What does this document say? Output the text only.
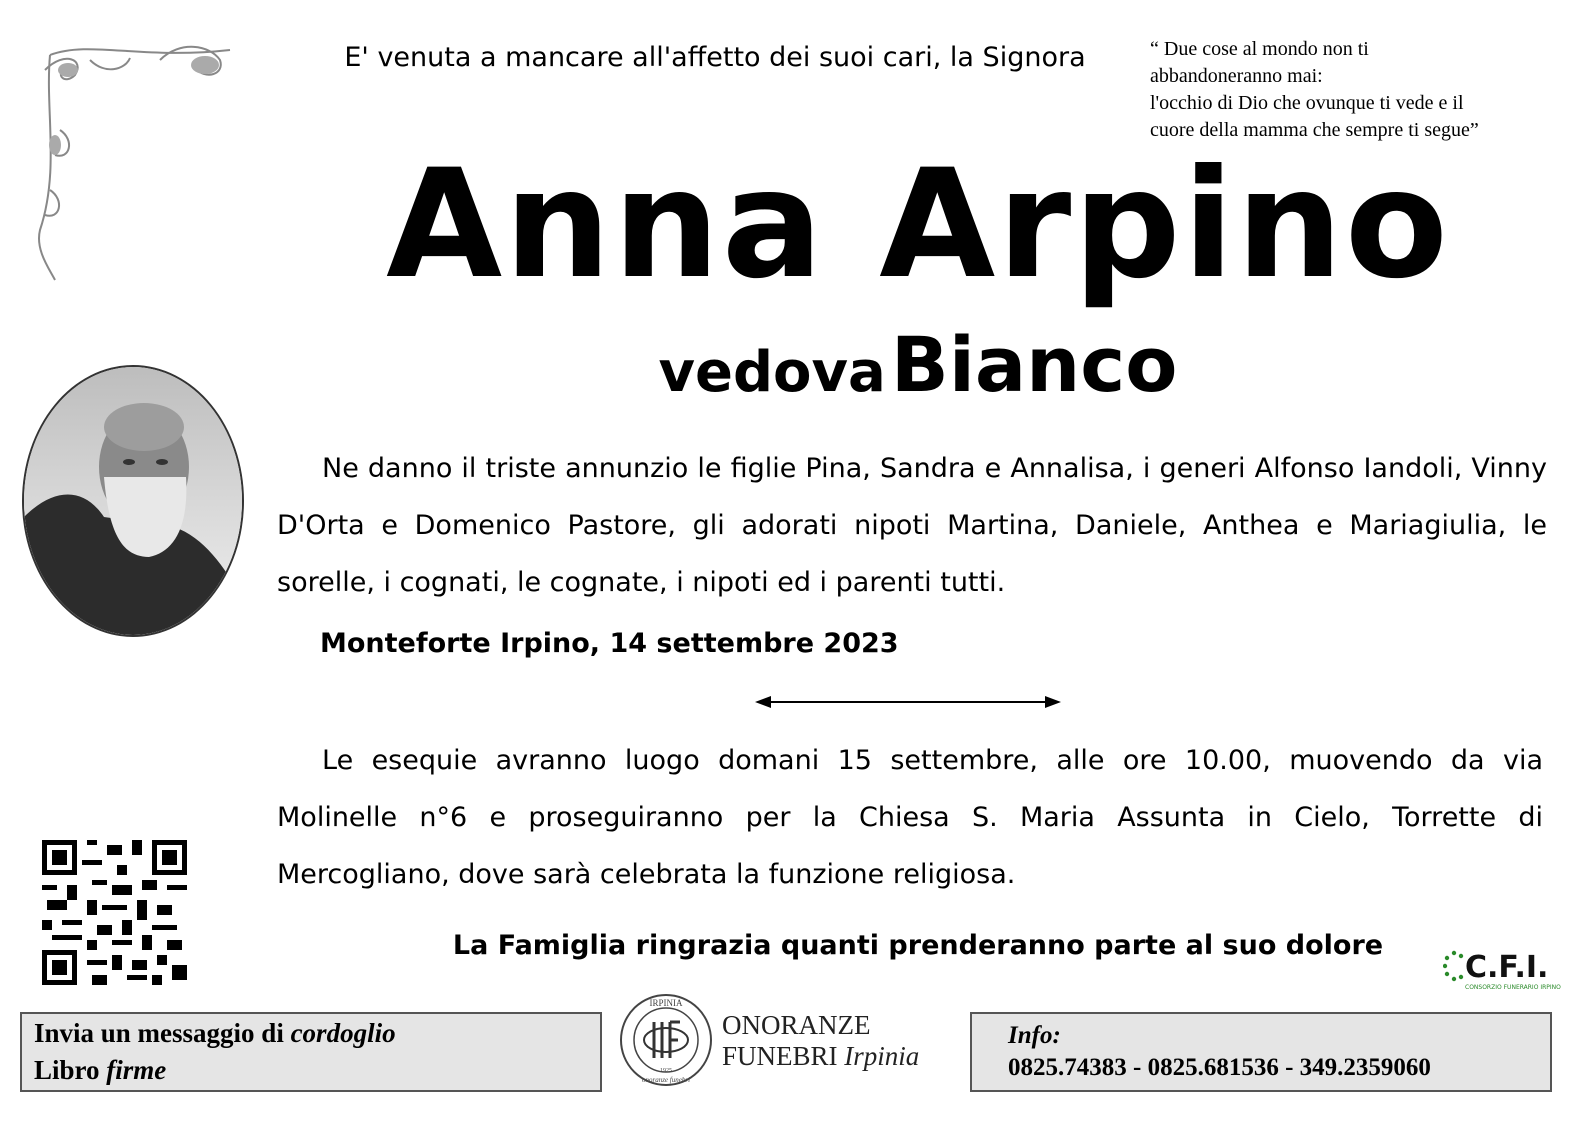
E' venuta a mancare all'affetto dei suoi cari, la Signora	“ Due cose al mondo non ti
abbandoneranno mai:
l'occhio di Dio che ovunque ti vede e il
cuore della mamma che sempre ti segue”
Anna Arpino
vedova Bianco
Ne danno il triste annunzio le figlie Pina, Sandra e Annalisa, i generi Alfonso Iandoli, Vinny D'Orta e Domenico Pastore, gli adorati nipoti Martina, Daniele, Anthea e Mariagiulia, le sorelle, i cognati, le cognate, i nipoti ed i parenti tutti.
Monteforte Irpino, 14 settembre 2023
Le esequie avranno luogo domani 15 settembre, alle ore 10.00, muovendo da via Molinelle n°6 e proseguiranno per la Chiesa S. Maria Assunta in Cielo, Torrette di Mercogliano, dove sarà celebrata la funzione religiosa.
La Famiglia ringrazia quanti prenderanno parte al suo dolore
C.F.I.
CONSORZIO FUNERARIO IRPINO
Invia un messaggio di cordoglio
Libro firme
IRPINIA
onoranze funebri
1925
ONORANZE
FUNEBRI Irpinia
Info:
0825.74383 - 0825.681536 - 349.2359060
